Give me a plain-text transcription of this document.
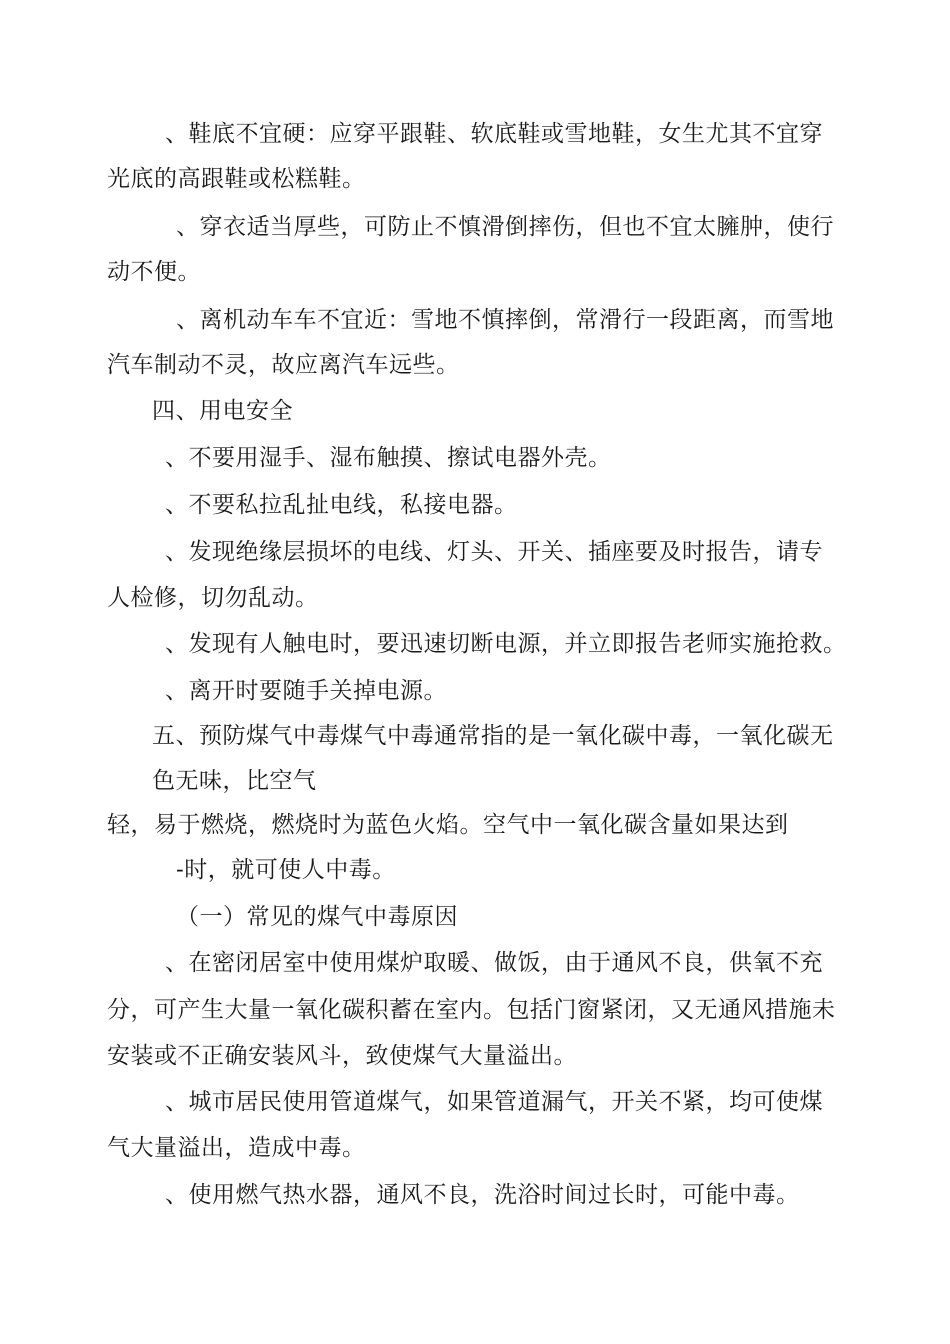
、鞋底不宜硬：应穿平跟鞋、软底鞋或雪地鞋，女生尤其不宜穿
光底的高跟鞋或松糕鞋。
、穿衣适当厚些，可防止不慎滑倒摔伤，但也不宜太臃肿，使行
动不便。
、离机动车车不宜近：雪地不慎摔倒，常滑行一段距离，而雪地
汽车制动不灵，故应离汽车远些。
四、用电安全
、不要用湿手、湿布触摸、擦试电器外壳。
、不要私拉乱扯电线，私接电器。
、发现绝缘层损坏的电线、灯头、开关、插座要及时报告，请专
人检修，切勿乱动。
、发现有人触电时，要迅速切断电源，并立即报告老师实施抢救。
、离开时要随手关掉电源。
五、预防煤气中毒煤气中毒通常指的是一氧化碳中毒，一氧化碳无
色无味，比空气
轻，易于燃烧，燃烧时为蓝色火焰。空气中一氧化碳含量如果达到
-时，就可使人中毒。
（一）常见的煤气中毒原因
、在密闭居室中使用煤炉取暖、做饭，由于通风不良，供氧不充
分，可产生大量一氧化碳积蓄在室内。包括门窗紧闭，又无通风措施未
安装或不正确安装风斗，致使煤气大量溢出。
、城市居民使用管道煤气，如果管道漏气，开关不紧，均可使煤
气大量溢出，造成中毒。
、使用燃气热水器，通风不良，洗浴时间过长时，可能中毒。
